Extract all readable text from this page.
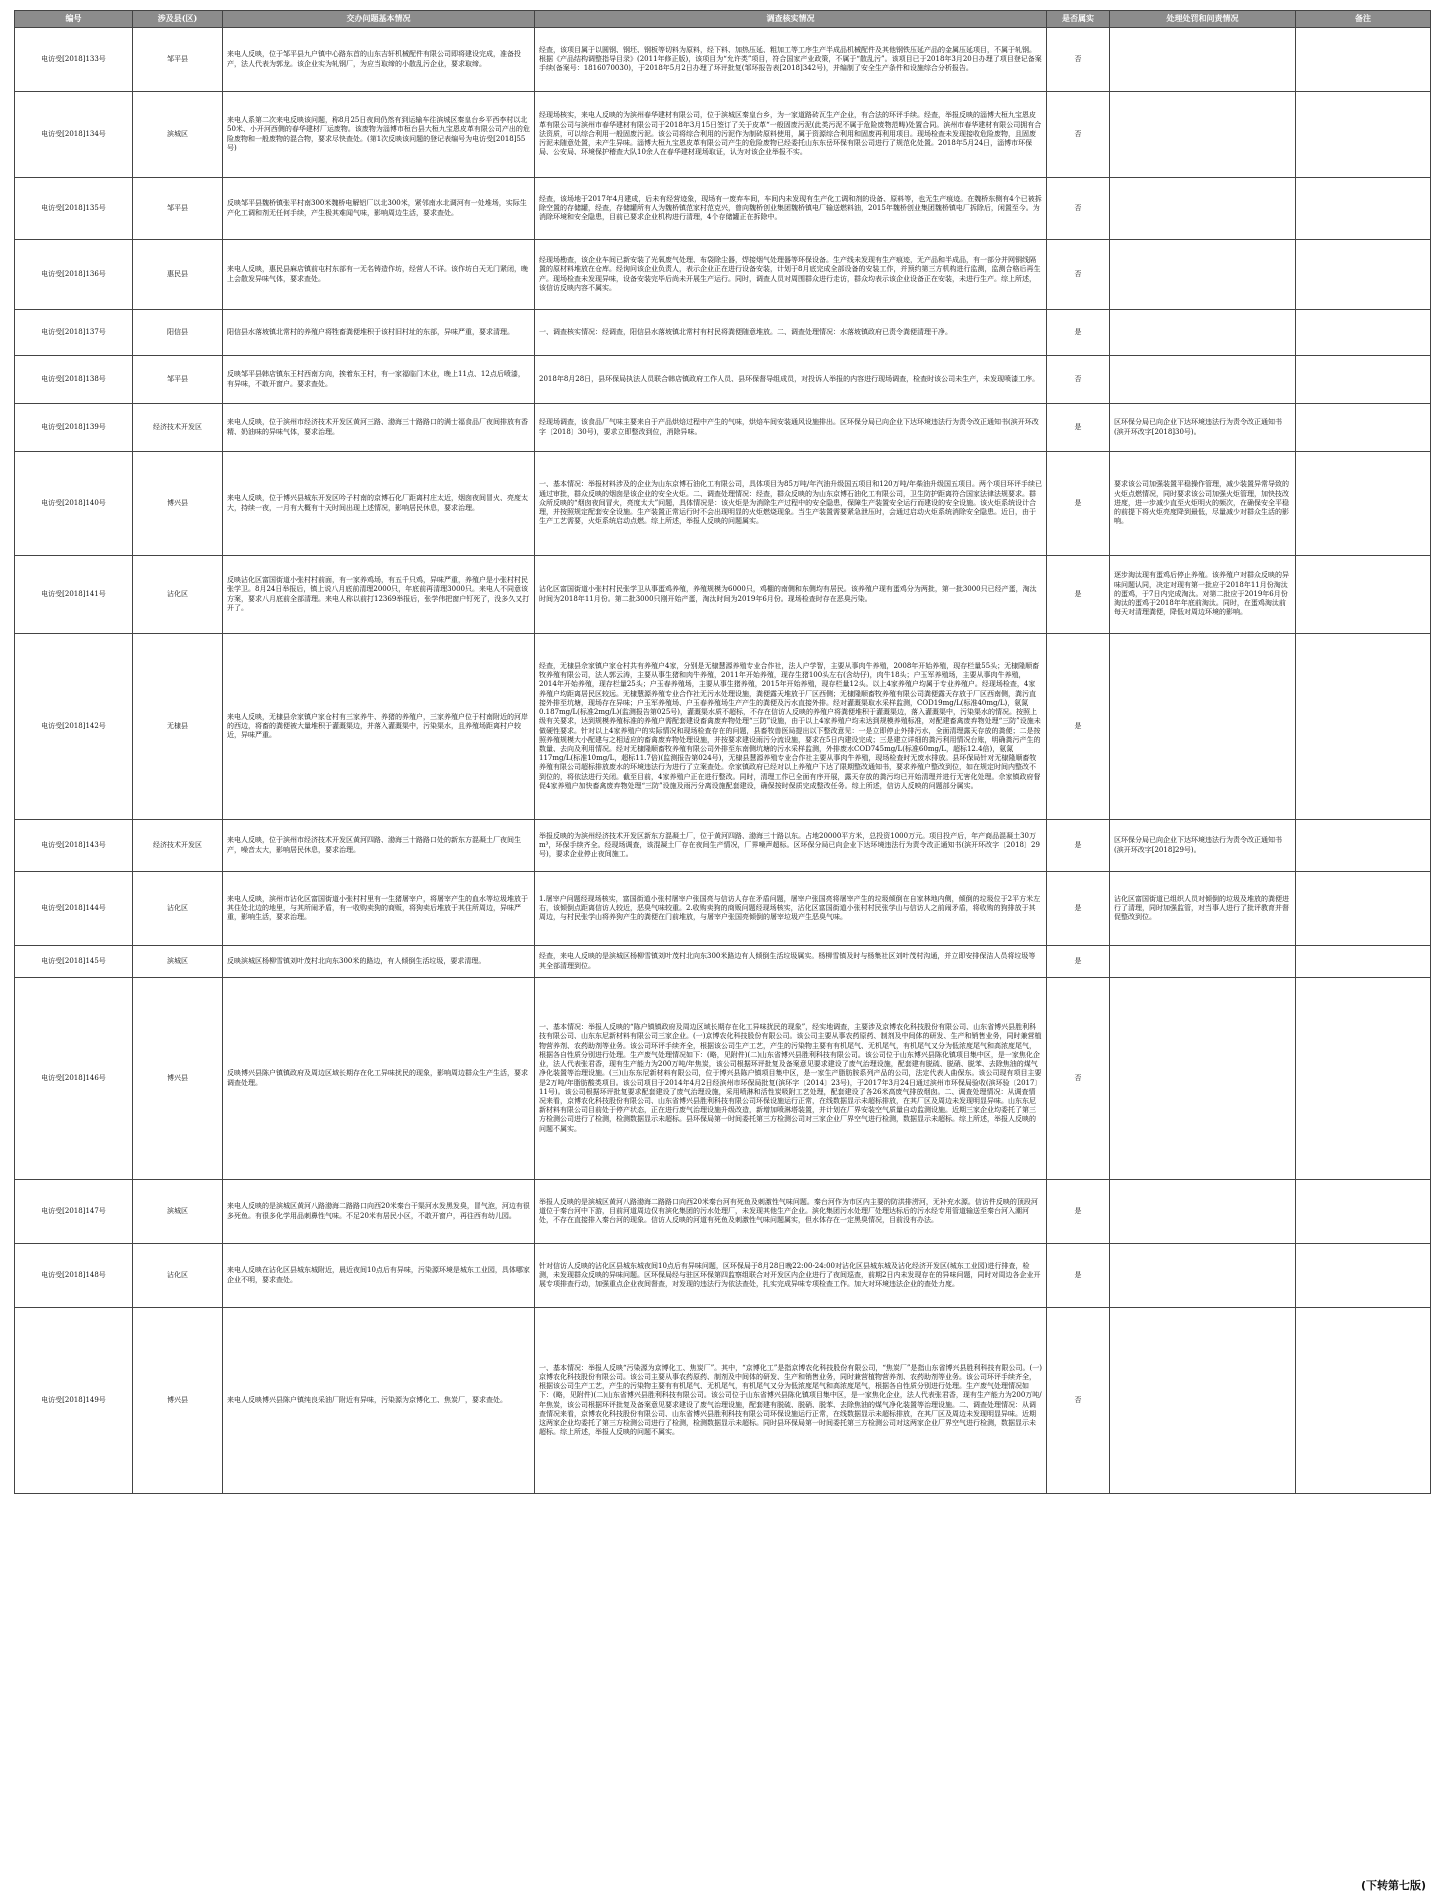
编号	涉及县(区)	交办问题基本情况	调查核实情况	是否属实	处理处罚和问责情况	备注
电访受[2018]133号	邹平县	来电人反映，位于邹平县九户镇中心路东首的山东吉轩机械配件有限公司即将建设完成，准备投产，法人代表为郭龙。该企业实为轧钢厂，为应当取缔的小散乱污企业，要求取缔。	经查，该项目属于以圆钢、钢坯、钢板等切料为原料，经下料、加热压延、粗加工等工序生产半成品机械配件及其他钢铁压延产品的金属压延项目，不属于轧钢。根据《产品结构调整指导目录》(2011年修正版)，该项目为“允许类”项目，符合国家产业政策，不属于“散乱污”。该项目已于2018年3月20日办理了项目登记备案手续(备案号：1816070030)，于2018年5月2日办理了环评批复(邹环报告表[2018]342号)，并编制了安全生产条件和设施综合分析报告。	否		
电访受[2018]134号	滨城区	来电人系第二次来电反映该问题，称8月25日夜间仍然有到运输车往滨城区秦皇台乡平西李村以北50米、小开河西侧的春华建材厂运废物。该废物为淄博市桓台县大桓九宝恩皮革有限公司产出的危险废物和一般废物的混合物，要求尽快查处。(第1次反映该问题的登记表编号为电访受[2018]55号)	经现场核实，来电人反映的为滨州春华建材有限公司，位于滨城区秦皇台乡，为一家道路砖瓦生产企业，有合法的环评手续。经查，举报反映的淄博大桓九宝恩皮革有限公司与滨州市春华建材有限公司于2018年3月15日签订了关于皮革“一般固废污泥(此类污泥不属于危险废物范畴)处置合同。滨州市春华建材有限公司拥有合法资质，可以综合利用一般固废污泥。该公司将综合利用的污泥作为制砖原料使用，属于资源综合利用和固废再利用项目。现场检查未发现接收危险废物，且固废污泥未随意处置，未产生异味。淄博大桓九宝恩皮革有限公司产生的危险废物已经委托山东东岳环保有限公司进行了规范化处置。2018年5月24日，淄博市环保局、公安局、环境保护稽查大队10余人在春华建材现场取证，认为对该企业举报不实。	否		
电访受[2018]135号	邹平县	反映邹平县魏桥镇张平村南300米魏桥电解铝厂以北300米，紧邻南水北调河有一处堆场，实际生产化工调和剂无任何手续，产生极其难闻气味，影响周边生活，要求查处。	经查，该场地于2017年4月建成，后未有经营迹象，现场有一废弃车间，车间内未发现有生产化工调和剂的设备、原料等，也无生产痕迹。在魏桥东侧有4个已被拆除空置的存储罐，经查，存储罐所有人为魏桥镇范家村范克兴，曾向魏桥创业集团魏桥镇电厂输送燃料油，2015年魏桥创业集团魏桥镇电厂拆除后，闲置至今。为消除环境和安全隐患，目前已要求企业机构进行清理，4个存储罐正在拆除中。	否		
电访受[2018]136号	惠民县	来电人反映，惠民县麻店镇前屯村东部有一无名铸造作坊，经营人不详。该作坊白天无门紧闭，晚上会散发异味气体，要求查处。	经现场勘查，该企业车间已新安装了光氧废气处理、布袋除尘器，焊接烟气处理器等环保设备。生产线未发现有生产痕迹，无产品和半成品，有一部分并网铜线隔置的原材料堆放在仓库。经询问该企业负责人，表示企业正在进行设备安装，计划于8月底完成全部设备的安装工作，并预约第三方机构进行监测，监测合格后再生产。现场检查未发现异味，设备安装完毕后尚未开展生产运行。同时，调查人员对周围群众进行走访，群众均表示该企业设备正在安装，未进行生产。综上所述，该信访反映内容不属实。	否		
电访受[2018]137号	阳信县	阳信县水落坡镇北常村的养殖户将牲畜粪便堆积于该村旧村址的东部，异味严重，要求清理。	一、调查核实情况：经调查，阳信县水落坡镇北常村有村民将粪便随意堆放。二、调查处理情况：水落坡镇政府已责令粪便清理干净。	是		
电访受[2018]138号	邹平县	反映邹平县韩店镇东王村西南方向，挨着东王村，有一家福临门木业，晚上11点、12点后喷漆，有异味，不敢开窗户。要求查处。	2018年8月28日，县环保局执法人员联合韩店镇政府工作人员、县环保督导组成员，对投诉人举报的内容进行现场调查，检查时该公司未生产，未发现喷漆工序。	否		
电访受[2018]139号	经济技术开发区	来电人反映，位于滨州市经济技术开发区黄河三路、渤海三十路路口的满士福食品厂夜间排放有香精、奶油味的异味气体，要求治理。	经现场调查，该食品厂气味主要来自于产品烘焙过程中产生的气味，烘焙车间安装通风设施排出。区环保分局已向企业下达环境违法行为责令改正通知书(滨开环改字〔2018〕30号)，要求立即整改到位，消除异味。	是	区环保分局已向企业下达环境违法行为责令改正通知书(滨开环改字[2018]30号)。	
电访受[2018]140号	博兴县	来电人反映，位于博兴县城东开发区吟子村南的京博石化厂距离村庄太近，烟囱夜间冒火、亮度太大，持续一夜，一月有大概有十天时间出现上述情况，影响居民休息，要求治理。	一、基本情况：举报材料涉及的企业为山东京博石油化工有限公司，具体项目为85万吨/年汽油升级国五项目和120万吨/年柴油升级国五项目。两个项目环评手续已通过审批，群众反映的烟囱是该企业的安全火炬。二、调查处理情况：经查，群众反映的为山东京博石油化工有限公司，卫生防护距离符合国家法律法规要求。群众所反映的“烟囱夜间冒火，亮度太大”问题，具体情况是：该火炬是为消除生产过程中的安全隐患，保障生产装置安全运行而建设的安全设施。该火炬系统设计合理，并按照规定配套安全设施。生产装置正常运行时不会出现明显的火炬燃烧现象。当生产装置需要紧急泄压时，会通过启动火炬系统消除安全隐患。近日，由于生产工艺需要，火炬系统启动点燃。综上所述，举报人反映的问题属实。	是	要求该公司加强装置平稳操作管理，减少装置异常导致的火炬点燃情况，同时要求该公司加强火炬管理，加快技改进度，进一步减少直至火炬明火的频次，在确保安全平稳的前提下将火炬亮度降到最低，尽量减少对群众生活的影响。	
电访受[2018]141号	沾化区	反映沾化区富国街道小张村村前面，有一家养鸡场，有五千只鸡，异味严重，养殖户是小张村村民张学卫。8月24日举报后，镇上说八月底前清理2000只，年底前再清理3000只。来电人不同意该方案，要求八月底前全部清理。来电人称以前打12369举报后，张学伟把窗户钉死了，没多久又打开了。	沾化区富国街道小张村村民张学卫从事蛋鸡养殖，养殖规模为6000只，鸡棚的南侧和东侧均有居民。该养殖户现有蛋鸡分为两批，第一批3000只已经产蛋，淘汰时间为2018年11月份。第二批3000只刚开始产蛋，淘汰时间为2019年6月份。现场检查时存在恶臭污染。	是	逐步淘汰现有蛋鸡后停止养殖。该养殖户对群众反映的异味问题认同，决定对现有第一批应于2018年11月份淘汰的蛋鸡，于7日内完成淘汰。对第二批应于2019年6月份淘汰的蛋鸡于2018年年底前淘汰。同时，在蛋鸡淘汰前每天对清理粪便，降低对周边环境的影响。	
电访受[2018]142号	无棣县	来电人反映，无棣县佘家镇户家仓村有三家养牛、养猪的养殖户，三家养殖户位于村南附近的河岸的西边，将畜的粪便被大量堆积于灌溉渠边，并落入灌溉渠中，污染渠水，且养殖场距离村户较近，异味严重。	经查，无棣县佘家镇户家仓村共有养殖户4家，分别是无棣慧源养殖专业合作社，法人户学智，主要从事肉牛养殖，2008年开始养殖，现存栏量55头；无棣隆顺畜牧养殖有限公司，法人郭云涛，主要从事生猪和肉牛养殖，2011年开始养殖，现存生猪100头左右(含幼仔)，肉牛18头；户玉军养殖场，主要从事肉牛养殖，2014年开始养殖，现存栏量25头；户玉春养殖场，主要从事生猪养殖，2015年开始养殖，现存栏量12头。以上4家养殖户均属于专业养殖户。经现场检查，4家养殖户均距离居民区较远。无棣慧源养殖专业合作社无污水处理设施，粪便露天堆放于厂区西侧；无棣隆顺畜牧养殖有限公司粪便露天存放于厂区西南侧，粪污直接外排至坑塘，现场存在异味；户玉军养殖场、户玉春养殖场生产产生的粪便及污水直接外排。经对灌溉渠取水采样监测，COD19mg/L(标准40mg/L)，氨氮0.187mg/L(标准2mg/L)(监测报告第025号)，灌溉渠水质不超标，不存在信访人反映的养殖户将粪便堆积于灌溉渠边，落入灌溉渠中，污染渠水的情况。按照上级有关要求，达到规模养殖标准的养殖户需配套建设畜禽废弃物处理“三防”设施，由于以上4家养殖户均未达到规模养殖标准，对配建畜禽废弃物处理“三防”设施未做硬性要求。针对以上4家养殖户的实际情况和现场检查存在的问题，县畜牧兽医局提出以下整改意见：一是立即停止外排污水，全面清理露天存放的粪便；二是按照养殖规模大小配建与之相适应的畜禽废弃物处理设施，并按要求建设雨污分流设施，要求在5日内建设完成；三是建立详细的粪污利用情况台账，明确粪污产生的数量、去向及利用情况。经对无棣隆顺畜牧养殖有限公司外排至东南侧坑塘的污水采样监测，外排废水COD745mg/L(标准60mg/L，超标12.4倍)，氨氮117mg/L(标准10mg/L，超标11.7倍)(监测报告第024号)，无棣县慧源养殖专业合作社主要从事肉牛养殖，现场检查时无废水排放。县环保局针对无棣隆顺畜牧养殖有限公司超标排放废水的环境违法行为进行了立案查处。佘家镇政府已经对以上养殖户下达了限期整改通知书，要求养殖户整改到位，如在规定时间内整改不到位的，将依法进行关闭。截至目前，4家养殖户正在进行整改。同时，清理工作已全面有序开展，露天存放的粪污均已开始清理并进行无害化处理。佘家镇政府督促4家养殖户加快畜禽废弃物处理“三防”设施及雨污分离设施配套建设，确保按时保质完成整改任务。综上所述，信访人反映的问题部分属实。	是		
电访受[2018]143号	经济技术开发区	来电人反映，位于滨州市经济技术开发区黄河四路、渤海三十路路口处的新东方混凝土厂夜间生产，噪音太大，影响居民休息，要求治理。	举报反映的为滨州经济技术开发区新东方混凝土厂，位于黄河四路、渤海三十路以东。占地20000平方米，总投资1000万元。项目投产后，年产商品混凝土30万m³，环保手续齐全。经现场调查，该混凝土厂存在夜间生产情况，厂界噪声超标。区环保分局已向企业下达环境违法行为责令改正通知书(滨开环改字〔2018〕29号)，要求企业停止夜间施工。	是	区环保分局已向企业下达环境违法行为责令改正通知书(滨开环改字[2018]29号)。	
电访受[2018]144号	沾化区	来电人反映，滨州市沾化区富国街道小张村村里有一生猪屠宰户，将屠宰产生的血水等垃圾堆放于其住处北边的地里，与其所闹矛盾，有一收购卖狗的商贩，将狗卖后堆放于其住所周边，异味严重，影响生活，要求治理。	1.屠宰户问题经现场核实，富国街道小张村屠宰户张国亮与信访人存在矛盾问题，屠宰户张国亮将屠宰产生的垃圾倾倒在自家林地内侧，倾倒的垃圾位于2平方米左右，该倾倒点距离信访人较近，恶臭气味较重。2.收购卖狗的商贩问题经现场核实，沾化区富国街道小张村村民张学山与信访人之前闹矛盾，将收购的狗排放于其周边，与村民张学山将养狗产生的粪便在门前堆放，与屠宰户张国亮倾倒的屠宰垃圾产生恶臭气味。	是	沾化区富国街道已组织人员对倾倒的垃圾及堆放的粪便进行了清理，同时加强监管，对当事人进行了批评教育并督促整改到位。	
电访受[2018]145号	滨城区	反映滨城区杨柳雪镇刘叶茂村北向东300米的路边，有人倾倒生活垃圾，要求清理。	经查，来电人反映的是滨城区杨柳雪镇刘叶茂村北向东300米路边有人倾倒生活垃圾属实。杨柳雪镇及时与杨集社区刘叶茂村沟通，并立即安排保洁人员将垃圾等其全部清理到位。	是		
电访受[2018]146号	博兴县	反映博兴县陈户镇镇政府及周边区域长期存在化工异味扰民的现象，影响周边群众生产生活，要求调查处理。	一、基本情况：举报人反映的“陈户镇镇政府及周边区域长期存在化工异味扰民的现象”，经实地调查，主要涉及京博农化科技股份有限公司、山东省博兴县胜利科技有限公司、山东东尼新材料有限公司三家企业。(一)京博农化科技股份有限公司。该公司主要从事农药原药、制剂及中间体的研发、生产和销售业务，同时兼营植物营养剂、农药助剂等业务。该公司环评手续齐全，根据该公司生产工艺，产生的污染物主要有有机尾气、无机尾气，有机尾气又分为低浓度尾气和高浓度尾气，根据各自性质分别进行处理。生产废气处理情况如下：(略，见附件)(二)山东省博兴县胜利科技有限公司。该公司位于山东博兴县陈化镇项目集中区，是一家焦化企业，法人代表张君香，现有生产能力为200万吨/年焦炭，该公司根据环评批复及备案意见要求建设了废气治理设施，配套建有脱硫、脱硝、脱苯、去除焦油的煤气净化装置等治理设施。(三)山东东尼新材料有限公司，位于博兴县陈户镇项目集中区，是一家生产脂肪胺系列产品的公司，法定代表人曲保东。该公司现有项目主要是2万吨/年脂肪酸类项目。该公司项目于2014年4月2日经滨州市环保局批复(滨环字〔2014〕23号)，于2017年3月24日通过滨州市环保局验收(滨环验〔2017〕11号)。该公司根据环评批复要求配套建设了废气治理设施，采用喷淋和活性炭吸附工艺处理，配套建设了各26米高废气排放烟囱。二、调查处理情况：从调查情况来看，京博农化科技股份有限公司、山东省博兴县胜利科技有限公司环保设施运行正常，在线数据显示未超标排放，在其厂区及周边未发现明显异味。山东东尼新材料有限公司目前处于停产状态，正在进行废气治理设施升级改造，新增加喷淋塔装置，并计划在厂界安装空气质量自动监测设施。近期三家企业均委托了第三方检测公司进行了检测，检测数据显示未超标。县环保局第一时间委托第三方检测公司对三家企业厂界空气进行检测，数据显示未超标。综上所述，举报人反映的问题不属实。	否		
电访受[2018]147号	滨城区	来电人反映的是滨城区黄河八路渤海二路路口向西20米秦台干渠河水发黑发臭，冒气泡，河边有很多死鱼。有很多化学用品刺鼻性气味。不足20米有居民小区，不敢开窗户，再往西有幼儿园。	举报人反映的是滨城区黄河八路渤海二路路口向西20米秦台河有死鱼及刺激性气味问题。秦台河作为市区内主要的防洪排涝河，无补充水源。信访件反映的顶段河道位于秦台河中下游，目前河道周边仅有滨化集团的污水处理厂，未发现其他生产企业。滨化集团污水处理厂处理达标后的污水经专用管道输送至秦台河入潮河处，不存在直接排入秦台河的现象。信访人反映的河道有死鱼及刺激性气味问题属实，但水体存在一定黑臭情况，目前没有办法。	是		
电访受[2018]148号	沾化区	来电人反映在沾化区县城东城附近，晨近夜间10点后有异味，污染源环境是城东工业园，具体哪家企业不明，要求查处。	针对信访人反映的沾化区县城东城夜间10点后有异味问题，区环保局于8月28日晚22:00-24:00对沾化区县城东城及沾化经济开发区(城东工业园)进行排查，检测，未发现群众反映的异味问题。区环保局经与驻区环保第四监察组联合对开发区内企业进行了夜间巡查，前期2日内未发现存在的异味问题，同时对周边各企业开展专项排查行动，加强重点企业夜间督查，对发现的违法行为依法查处，扎实完成异味专项检查工作。加大对环境违法企业的查处力度。	是		
电访受[2018]149号	博兴县	来电人反映博兴县陈户镇纯良采油厂附近有异味，污染源为京博化工、焦炭厂，要求查处。	一、基本情况：举报人反映“污染源为京博化工、焦炭厂”。其中，“京博化工”是指京博农化科技股份有限公司，“焦炭厂”是指山东省博兴县胜利科技有限公司。(一)京博农化科技股份有限公司。该公司主要从事农药原药、制剂及中间体的研发、生产和销售业务，同时兼营植物营养剂、农药助剂等业务。该公司环评手续齐全，根据该公司生产工艺，产生的污染物主要有有机尾气、无机尾气，有机尾气又分为低浓度尾气和高浓度尾气，根据各自性质分别进行处理。生产废气处理情况如下：(略，见附件)(二)山东省博兴县胜利科技有限公司。该公司位于山东省博兴县陈化镇项目集中区，是一家焦化企业，法人代表张君香，现有生产能力为200万吨/年焦炭，该公司根据环评批复及备案意见要求建设了废气治理设施，配套建有脱硫、脱硝、脱苯、去除焦油的煤气净化装置等治理设施。二、调查处理情况：从调查情况来看，京博农化科技股份有限公司、山东省博兴县胜利科技有限公司环保设施运行正常，在线数据显示未超标排放，在其厂区及周边未发现明显异味。近期这两家企业均委托了第三方检测公司进行了检测，检测数据显示未超标。同时县环保局第一时间委托第三方检测公司对这两家企业厂界空气进行检测，数据显示未超标。综上所述，举报人反映的问题不属实。	否		
(下转第七版)
